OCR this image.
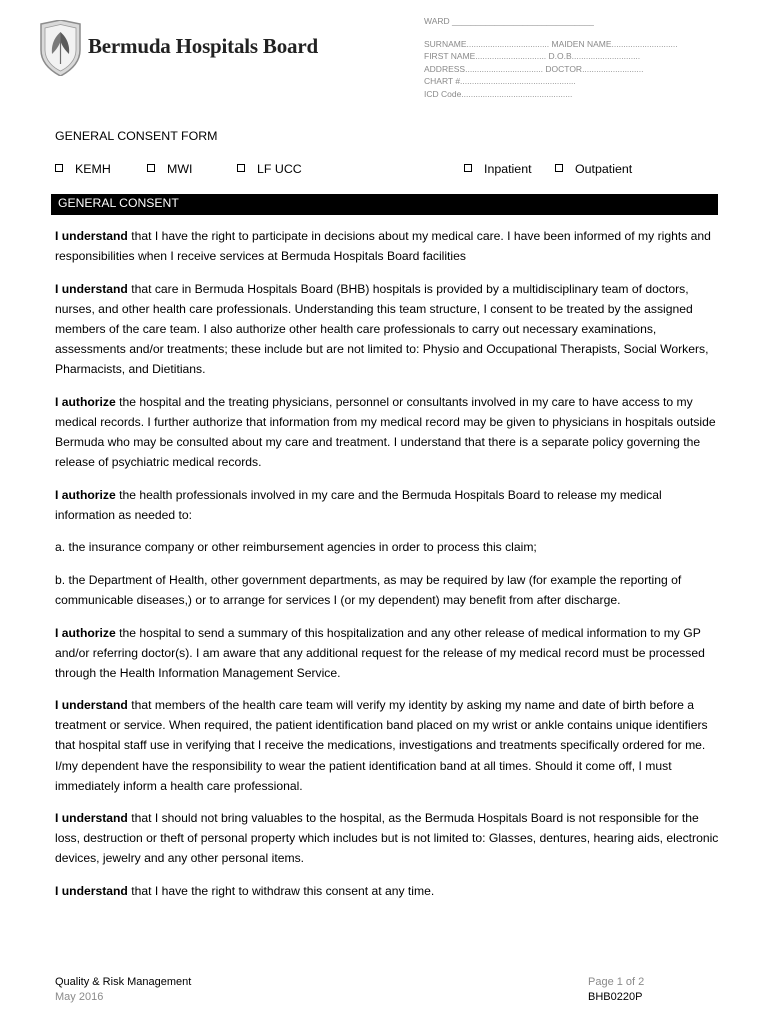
Bermuda Hospitals Board
WARD ______________________________
SURNAME................................... MAIDEN NAME............................
FIRST NAME.............................. D.O.B.............................
ADDRESS................................. DOCTOR..........................
CHART #.................................................
ICD Code...............................................
GENERAL CONSENT FORM
KEMH	MWI	LF UCC	Inpatient	Outpatient
GENERAL CONSENT

I understand that I have the right to participate in decisions about my medical care. I have been informed of my rights and responsibilities when I receive services at Bermuda Hospitals Board facilities

I understand that care in Bermuda Hospitals Board (BHB) hospitals is provided by a multidisciplinary team of doctors, nurses, and other health care professionals. Understanding this team structure, I consent to be treated by the assigned members of the care team. I also authorize other health care professionals to carry out necessary examinations, assessments and/or treatments; these include but are not limited to: Physio and Occupational Therapists, Social Workers, Pharmacists, and Dietitians.

I authorize the hospital and the treating physicians, personnel or consultants involved in my care to have access to my medical records. I further authorize that information from my medical record may be given to physicians in hospitals outside Bermuda who may be consulted about my care and treatment. I understand that there is a separate policy governing the release of psychiatric medical records.

I authorize the health professionals involved in my care and the Bermuda Hospitals Board to release my medical information as needed to:

a. the insurance company or other reimbursement agencies in order to process this claim;

b. the Department of Health, other government departments, as may be required by law (for example the reporting of communicable diseases,) or to arrange for services I (or my dependent) may benefit from after discharge.

I authorize the hospital to send a summary of this hospitalization and any other release of medical information to my GP and/or referring doctor(s). I am aware that any additional request for the release of my medical record must be processed through the Health Information Management Service.

I understand that members of the health care team will verify my identity by asking my name and date of birth before a treatment or service. When required, the patient identification band placed on my wrist or ankle contains unique identifiers that hospital staff use in verifying that I receive the medications, investigations and treatments specifically ordered for me. I/my dependent have the responsibility to wear the patient identification band at all times. Should it come off, I must immediately inform a health care professional.

I understand that I should not bring valuables to the hospital, as the Bermuda Hospitals Board is not responsible for the loss, destruction or theft of personal property which includes but is not limited to: Glasses, dentures, hearing aids, electronic devices, jewelry and any other personal items.

I understand that I have the right to withdraw this consent at any time.

Quality & Risk Management
May 2016
Page 1 of 2
BHB0220P
